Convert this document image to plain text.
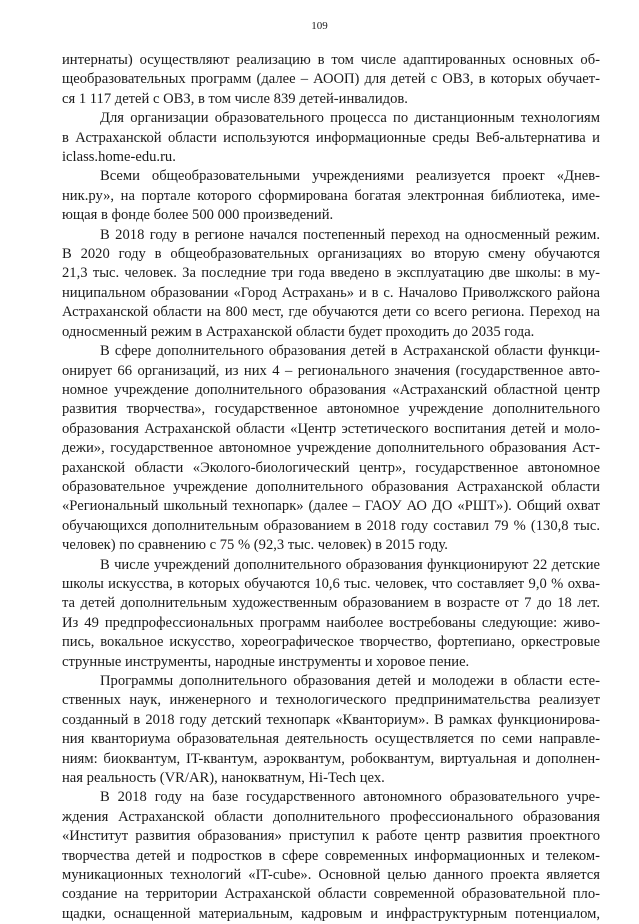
109

интернаты) осуществляют реализацию в том числе адаптированных основных об-

щеобразовательных программ (далее – АООП) для детей с ОВЗ, в которых обучает-

ся 1 117 детей с ОВЗ, в том числе 839 детей-инвалидов.

Для организации образовательного процесса по дистанционным технологиям

в Астраханской области используются информационные среды Веб-альтернатива и

iclass.home-edu.ru.

Всеми общеобразовательными учреждениями реализуется проект «Днев-

ник.ру», на портале которого сформирована богатая электронная библиотека, име-

ющая в фонде более 500 000 произведений.

В 2018 году в регионе начался постепенный переход на односменный режим.

В 2020 году в общеобразовательных организациях во вторую смену обучаются

21,3 тыс. человек. За последние три года введено в эксплуатацию две школы: в му-

ниципальном образовании «Город Астрахань» и в с. Началово Приволжского района

Астраханской области на 800 мест, где обучаются дети со всего региона. Переход на

односменный режим в Астраханской области будет проходить до 2035 года.

В сфере дополнительного образования детей в Астраханской области функци-

онирует 66 организаций, из них 4 – регионального значения (государственное авто-

номное учреждение дополнительного образования «Астраханский областной центр

развития творчества», государственное автономное учреждение дополнительного

образования Астраханской области «Центр эстетического воспитания детей и моло-

дежи», государственное автономное учреждение дополнительного образования Аст-

раханской области «Эколого-биологический центр», государственное автономное

образовательное учреждение дополнительного образования Астраханской области

«Региональный школьный технопарк» (далее – ГАОУ АО ДО «РШТ»). Общий охват

обучающихся дополнительным образованием в 2018 году составил 79 % (130,8 тыс.

человек) по сравнению с 75 % (92,3 тыс. человек) в 2015 году.

В числе учреждений дополнительного образования функционируют 22 детские

школы искусства, в которых обучаются 10,6 тыс. человек, что составляет 9,0 % охва-

та детей дополнительным художественным образованием в возрасте от 7 до 18 лет.

Из 49 предпрофессиональных программ наиболее востребованы следующие: живо-

пись, вокальное искусство, хореографическое творчество, фортепиано, оркестровые

струнные инструменты, народные инструменты и хоровое пение.

Программы дополнительного образования детей и молодежи в области есте-

ственных наук, инженерного и технологического предпринимательства реализует

созданный в 2018 году детский технопарк «Кванториум». В рамках функционирова-

ния кванториума образовательная деятельность осуществляется по семи направле-

ниям: биоквантум, IT-квантум, аэроквантум, робоквантум, виртуальная и дополнен-

ная реальность (VR/AR), нанокватнум, Hi-Tech цех.

В 2018 году на базе государственного автономного образовательного учре-

ждения Астраханской области дополнительного профессионального образования

«Институт развития образования» приступил к работе центр развития проектного

творчества детей и подростков в сфере современных информационных и телеком-

муникационных технологий «IT-cube». Основной целью данного проекта является

создание на территории Астраханской области современной образовательной пло-

щадки, оснащенной материальным, кадровым и инфраструктурным потенциалом,
